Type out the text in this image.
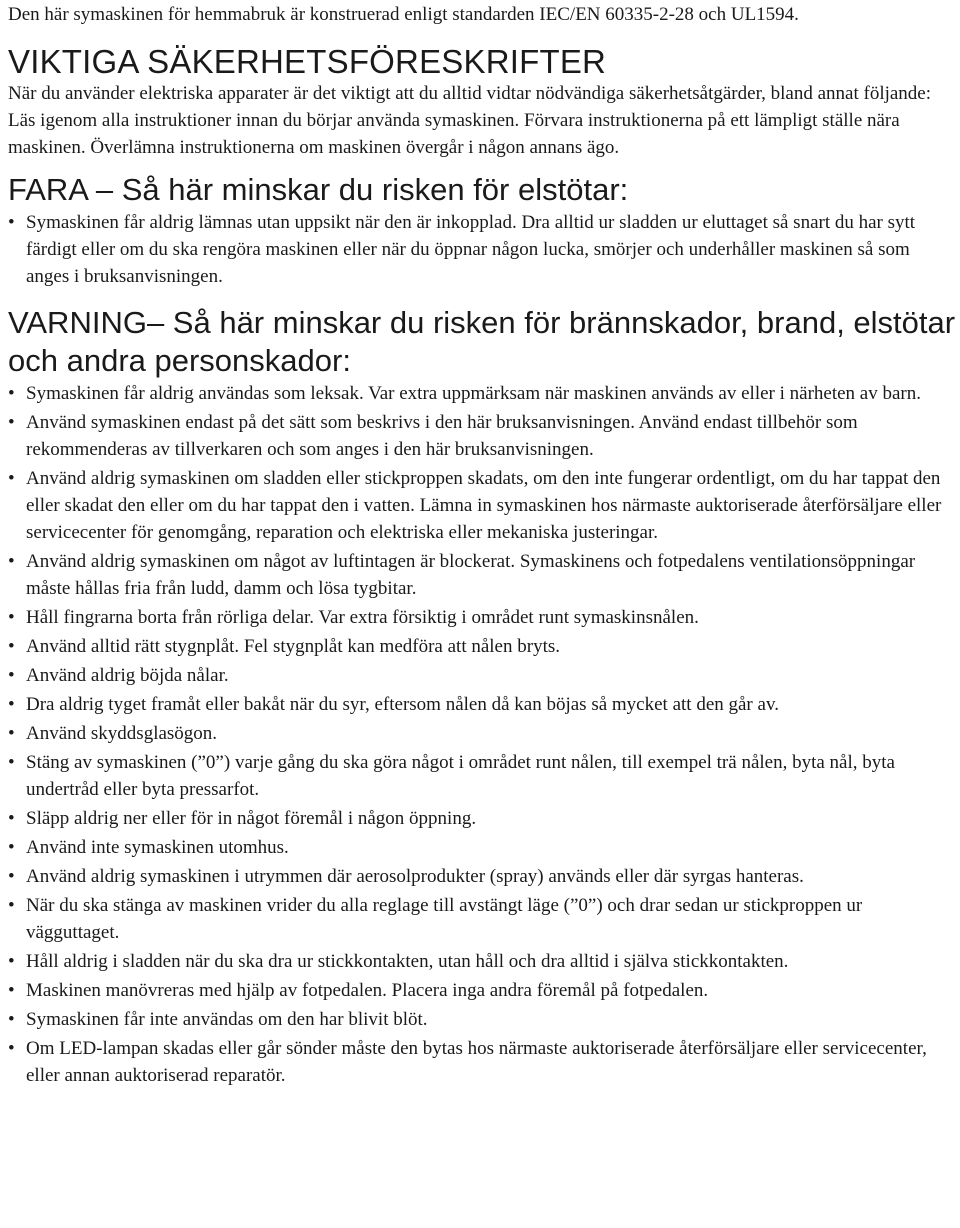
Den här symaskinen för hemmabruk är konstruerad enligt standarden IEC/EN 60335-2-28 och UL1594.

VIKTIGA SÄKERHETSFÖRESKRIFTER

När du använder elektriska apparater är det viktigt att du alltid vidtar nödvändiga säkerhetsåtgärder, bland annat följande:

Läs igenom alla instruktioner innan du börjar använda symaskinen. Förvara instruktionerna på ett lämpligt ställe nära maskinen. Överlämna instruktionerna om maskinen övergår i någon annans ägo.

FARA – Så här minskar du risken för elstötar:
• Symaskinen får aldrig lämnas utan uppsikt när den är inkopplad. Dra alltid ur sladden ur eluttaget så snart du har sytt färdigt eller om du ska rengöra maskinen eller när du öppnar någon lucka, smörjer och underhåller maskinen så som anges i bruksanvisningen.
VARNING– Så här minskar du risken för brännskador, brand, elstötar och andra personskador:
• Symaskinen får aldrig användas som leksak. Var extra uppmärksam när maskinen används av eller i närheten av barn.
• Använd symaskinen endast på det sätt som beskrivs i den här bruksanvisningen. Använd endast tillbehör som rekommenderas av tillverkaren och som anges i den här bruksanvisningen.
• Använd aldrig symaskinen om sladden eller stickproppen skadats, om den inte fungerar ordentligt, om du har tappat den eller skadat den eller om du har tappat den i vatten. Lämna in symaskinen hos närmaste auktoriserade återförsäljare eller servicecenter för genomgång, reparation och elektriska eller mekaniska justeringar.
• Använd aldrig symaskinen om något av luftintagen är blockerat. Symaskinens och fotpedalens ventilationsöppningar måste hållas fria från ludd, damm och lösa tygbitar.
• Håll fingrarna borta från rörliga delar. Var extra försiktig i området runt symaskinsnålen.
• Använd alltid rätt stygnplåt. Fel stygnplåt kan medföra att nålen bryts.
• Använd aldrig böjda nålar.
• Dra aldrig tyget framåt eller bakåt när du syr, eftersom nålen då kan böjas så mycket att den går av.
• Använd skyddsglasögon.
• Stäng av symaskinen (”0”) varje gång du ska göra något i området runt nålen, till exempel trä nålen, byta nål, byta undertråd eller byta pressarfot.
• Släpp aldrig ner eller för in något föremål i någon öppning.
• Använd inte symaskinen utomhus.
• Använd aldrig symaskinen i utrymmen där aerosolprodukter (spray) används eller där syrgas hanteras.
• När du ska stänga av maskinen vrider du alla reglage till avstängt läge (”0”) och drar sedan ur stickproppen ur vägguttaget.
• Håll aldrig i sladden när du ska dra ur stickkontakten, utan håll och dra alltid i själva stickkontakten.
• Maskinen manövreras med hjälp av fotpedalen. Placera inga andra föremål på fotpedalen.
• Symaskinen får inte användas om den har blivit blöt.
• Om LED-lampan skadas eller går sönder måste den bytas hos närmaste auktoriserade återförsäljare eller servicecenter, eller annan auktoriserad reparatör.
